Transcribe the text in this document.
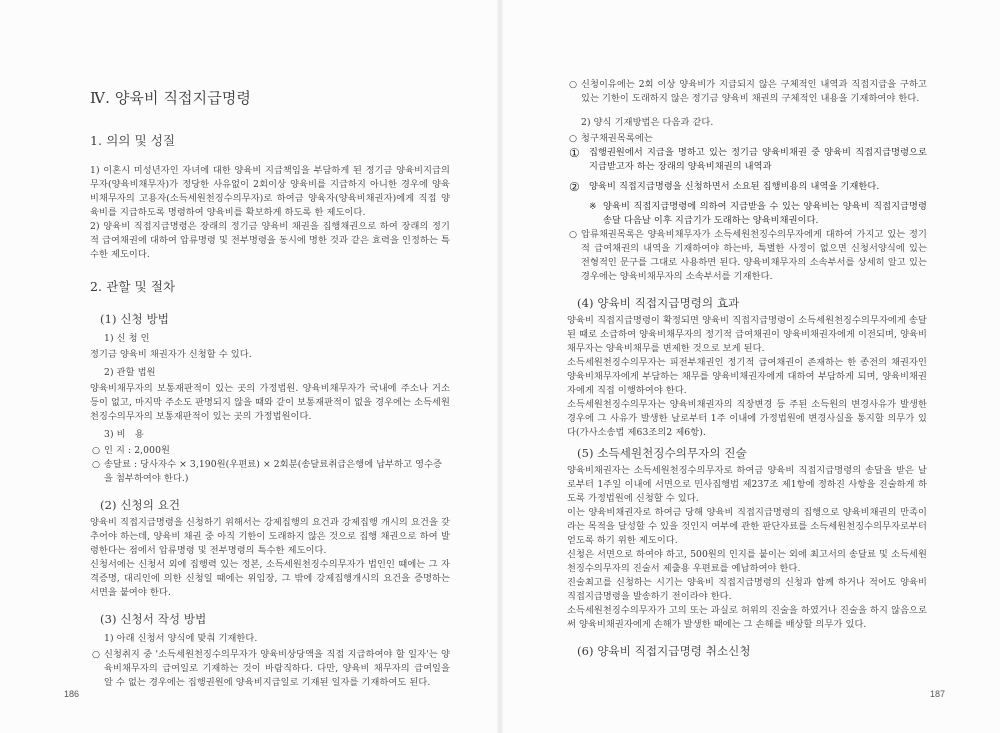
Ⅳ. 양육비 직접지급명령

1. 의의 및 성질

1) 이혼시 미성년자인 자녀에 대한 양육비 지급책임을 부담하게 된 정기금 양육비지급의무자(양육비채무자)가 정당한 사유없이 2회이상 양육비를 지급하지 아니한 경우에 양육비채무자의 고용자(소득세원천징수의무자)로 하여금 양육자(양육비채권자)에게 직접 양육비를 지급하도록 명령하여 양육비를 확보하게 하도록 한 제도이다.

2) 양육비 직접지급명령은 장래의 정기금 양육비 채권을 집행채권으로 하여 장래의 정기적 급여채권에 대하여 압류명령 및 전부명령을 동시에 명한 것과 같은 효력을 인정하는 특수한 제도이다.

2. 관할 및 절차

(1) 신청 방법

1) 신 청 인

정기금 양육비 채권자가 신청할 수 있다.

2) 관할 법원

양육비채무자의 보통재판적이 있는 곳의 가정법원. 양육비채무자가 국내에 주소나 거소 등이 없고, 마지막 주소도 판명되지 않을 때와 같이 보통재판적이 없을 경우에는 소득세원천징수의무자의 보통재판적이 있는 곳의 가정법원이다.

3) 비　용

○ 인 지 : 2,000원

○ 송달료 : 당사자수 × 3,190원(우편료) × 2회분(송달료취급은행에 납부하고 영수증을 첨부하여야 한다.)

(2) 신청의 요건

양육비 직접지급명령을 신청하기 위해서는 강제집행의 요건과 강제집행 개시의 요건을 갖추어야 하는데, 양육비 채권 중 아직 기한이 도래하지 않은 것으로 집행 채권으로 하여 발령한다는 점에서 압류명령 및 전부명령의 특수한 제도이다.

신청서에는 신청서 외에 집행력 있는 정본, 소득세원천징수의무자가 법인인 때에는 그 자격증명, 대리인에 의한 신청일 때에는 위임장, 그 밖에 강제집행개시의 요건을 증명하는 서면을 붙여야 한다.

(3) 신청서 작성 방법

1) 아래 신청서 양식에 맞춰 기재한다.

○ 신청취지 중 '소득세원천징수의무자가 양육비상당액을 직접 지급하여야 할 일자'는 양육비채무자의 급여일로 기재하는 것이 바람직하다. 다만, 양육비 채무자의 급여일을 알 수 없는 경우에는 집행권원에 양육비지급일로 기재된 일자를 기재하여도 된다.

186

○ 신청이유에는 2회 이상 양육비가 지급되지 않은 구체적인 내역과 직접지급을 구하고 있는 기한이 도래하지 않은 정기금 양육비 채권의 구체적인 내용을 기재하여야 한다.

2) 양식 기재방법은 다음과 같다.

○ 청구채권목록에는

① 집행권원에서 지급을 명하고 있는 정기금 양육비채권 중 양육비 직접지급명령으로 지급받고자 하는 장래의 양육비채권의 내역과

② 양육비 직접지급명령을 신청하면서 소요된 집행비용의 내역을 기재한다.

※ 양육비 직접지급명령에 의하여 지급받을 수 있는 양육비는 양육비 직접지급명령송달 다음날 이후 지급기가 도래하는 양육비채권이다.

○ 압류채권목록은 양육비채무자가 소득세원천징수의무자에게 대하여 가지고 있는 정기적 급여채권의 내역을 기재하여야 하는바, 특별한 사정이 없으면 신청서양식에 있는 전형적인 문구를 그대로 사용하면 된다. 양육비채무자의 소속부서를 상세히 알고 있는 경우에는 양육비채무자의 소속부서를 기재한다.

(4) 양육비 직접지급명령의 효과

양육비 직접지급명령이 확정되면 양육비 직접지급명령이 소득세원천징수의무자에게 송달된 때로 소급하여 양육비채무자의 정기적 급여채권이 양육비채권자에게 이전되며, 양육비채무자는 양육비채무를 변제한 것으로 보게 된다.

소득세원천징수의무자는 피전부채권인 정기적 급여채권이 존재하는 한 종전의 채권자인 양육비채무자에게 부담하는 채무를 양육비채권자에게 대하여 부담하게 되며, 양육비채권자에게 직접 이행하여야 한다.

소득세원천징수의무자는 양육비채권자의 직장변경 등 주된 소득원의 변경사유가 발생한 경우에 그 사유가 발생한 날로부터 1주 이내에 가정법원에 변경사실을 통지할 의무가 있다(가사소송법 제63조의2 제6항).

(5) 소득세원천징수의무자의 진술

양육비채권자는 소득세원천징수의무자로 하여금 양육비 직접지급명령의 송달을 받은 날로부터 1주일 이내에 서면으로 민사집행법 제237조 제1항에 정하진 사항을 진술하게 하도록 가정법원에 신청할 수 있다.

이는 양육비채권자로 하여금 당해 양육비 직접지급명령의 집행으로 양육비채권의 만족이라는 목적을 달성할 수 있을 것인지 여부에 관한 판단자료를 소득세원천징수의무자로부터 얻도록 하기 위한 제도이다.

신청은 서면으로 하여야 하고, 500원의 인지를 붙이는 외에 최고서의 송달료 및 소득세원천징수의무자의 진술서 제출용 우편료를 예납하여야 한다.

진술최고를 신청하는 시기는 양육비 직접지급명령의 신청과 함께 하거나 적어도 양육비 직접지급명령을 발송하기 전이라야 한다.

소득세원천징수의무자가 고의 또는 과실로 허위의 진술을 하였거나 진술을 하지 않음으로써 양육비채권자에게 손해가 발생한 때에는 그 손해를 배상할 의무가 있다.

(6) 양육비 직접지급명령 취소신청

187
